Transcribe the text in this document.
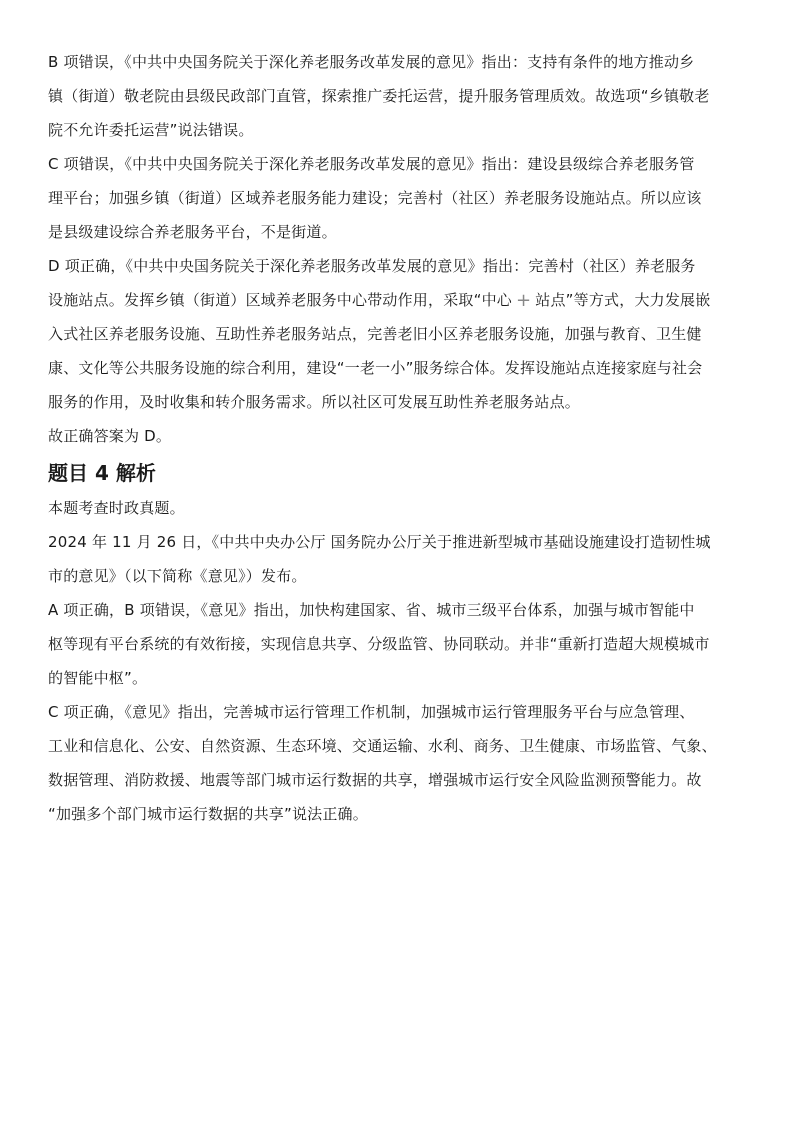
B 项错误，《中共中央国务院关于深化养老服务改革发展的意见》指出：支持有条件的地方推动乡
镇（街道）敬老院由县级民政部门直管，探索推广委托运营，提升服务管理质效。故选项“乡镇敬老
院不允许委托运营”说法错误。
C 项错误，《中共中央国务院关于深化养老服务改革发展的意见》指出：建设县级综合养老服务管
理平台；加强乡镇（街道）区域养老服务能力建设；完善村（社区）养老服务设施站点。所以应该
是县级建设综合养老服务平台，不是街道。
D 项正确，《中共中央国务院关于深化养老服务改革发展的意见》指出：完善村（社区）养老服务
设施站点。发挥乡镇（街道）区域养老服务中心带动作用，采取“中心 + 站点”等方式，大力发展嵌
入式社区养老服务设施、互助性养老服务站点，完善老旧小区养老服务设施，加强与教育、卫生健
康、文化等公共服务设施的综合利用，建设“一老一小”服务综合体。发挥设施站点连接家庭与社会
服务的作用，及时收集和转介服务需求。所以社区可发展互助性养老服务站点。
故正确答案为 D。
题目 4 解析
本题考查时政真题。
2024 年 11 月 26 日，《中共中央办公厅 国务院办公厅关于推进新型城市基础设施建设打造韧性城
市的意见》（以下简称《意见》）发布。
A 项正确，B 项错误，《意见》指出，加快构建国家、省、城市三级平台体系，加强与城市智能中
枢等现有平台系统的有效衔接，实现信息共享、分级监管、协同联动。并非“重新打造超大规模城市
的智能中枢”。
C 项正确，《意见》指出，完善城市运行管理工作机制，加强城市运行管理服务平台与应急管理、
工业和信息化、公安、自然资源、生态环境、交通运输、水利、商务、卫生健康、市场监管、气象、
数据管理、消防救援、地震等部门城市运行数据的共享，增强城市运行安全风险监测预警能力。故
“加强多个部门城市运行数据的共享”说法正确。
